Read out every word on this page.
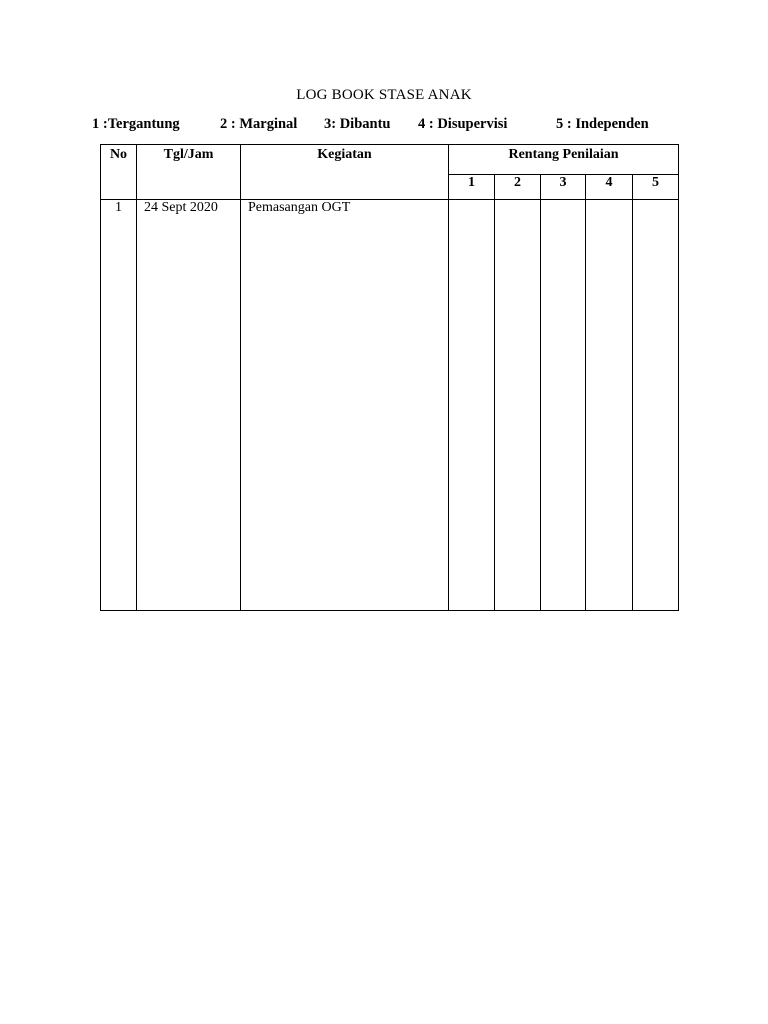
LOG BOOK STASE ANAK
1 :Tergantung	2 : Marginal 3: Dibantu 4 : Disupervisi	5 : Independen
No	Tgl/Jam	Kegiatan	Rentang Penilaian				
			1	2	3	4	5
1	24 Sept 2020	Pemasangan OGT					
